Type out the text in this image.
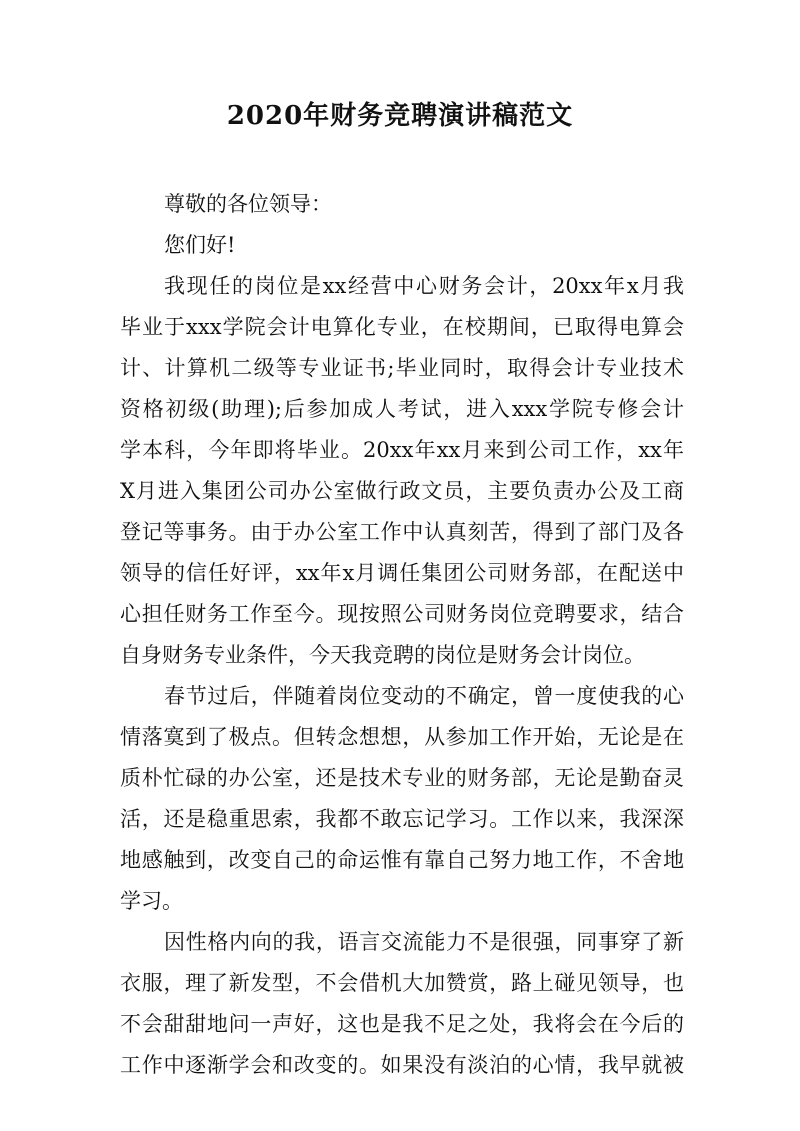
2020年财务竞聘演讲稿范文
尊敬的各位领导：
您们好!
我现任的岗位是xx经营中心财务会计，20xx年x月我
毕业于xxx学院会计电算化专业，在校期间，已取得电算会
计、计算机二级等专业证书;毕业同时，取得会计专业技术
资格初级(助理);后参加成人考试，进入xxx学院专修会计
学本科，今年即将毕业。20xx年xx月来到公司工作，xx年
X月进入集团公司办公室做行政文员，主要负责办公及工商
登记等事务。由于办公室工作中认真刻苦，得到了部门及各
领导的信任好评，xx年x月调任集团公司财务部，在配送中
心担任财务工作至今。现按照公司财务岗位竞聘要求，结合
自身财务专业条件，今天我竞聘的岗位是财务会计岗位。
春节过后，伴随着岗位变动的不确定，曾一度使我的心
情落寞到了极点。但转念想想，从参加工作开始，无论是在
质朴忙碌的办公室，还是技术专业的财务部，无论是勤奋灵
活，还是稳重思索，我都不敢忘记学习。工作以来，我深深
地感触到，改变自己的命运惟有靠自己努力地工作，不舍地
学习。
因性格内向的我，语言交流能力不是很强，同事穿了新
衣服，理了新发型，不会借机大加赞赏，路上碰见领导，也
不会甜甜地问一声好，这也是我不足之处，我将会在今后的
工作中逐渐学会和改变的。如果没有淡泊的心情，我早就被
